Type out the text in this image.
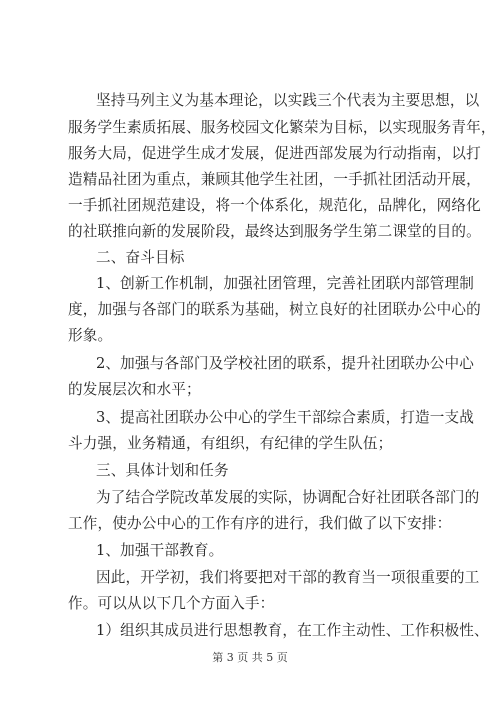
坚持马列主义为基本理论，以实践三个代表为主要思想，以
服务学生素质拓展、服务校园文化繁荣为目标，以实现服务青年，
服务大局，促进学生成才发展，促进西部发展为行动指南，以打
造精品社团为重点，兼顾其他学生社团，一手抓社团活动开展，
一手抓社团规范建设，将一个体系化，规范化，品牌化，网络化
的社联推向新的发展阶段，最终达到服务学生第二课堂的目的。
二、奋斗目标
1、创新工作机制，加强社团管理，完善社团联内部管理制
度，加强与各部门的联系为基础，树立良好的社团联办公中心的
形象。
2、加强与各部门及学校社团的联系，提升社团联办公中心
的发展层次和水平；
3、提高社团联办公中心的学生干部综合素质，打造一支战
斗力强，业务精通，有组织，有纪律的学生队伍；
三、具体计划和任务
为了结合学院改革发展的实际，协调配合好社团联各部门的
工作，使办公中心的工作有序的进行，我们做了以下安排：
1、加强干部教育。
因此，开学初，我们将要把对干部的教育当一项很重要的工
作。可以从以下几个方面入手：
1）组织其成员进行思想教育，在工作主动性、工作积极性、
第 3 页 共 5 页
